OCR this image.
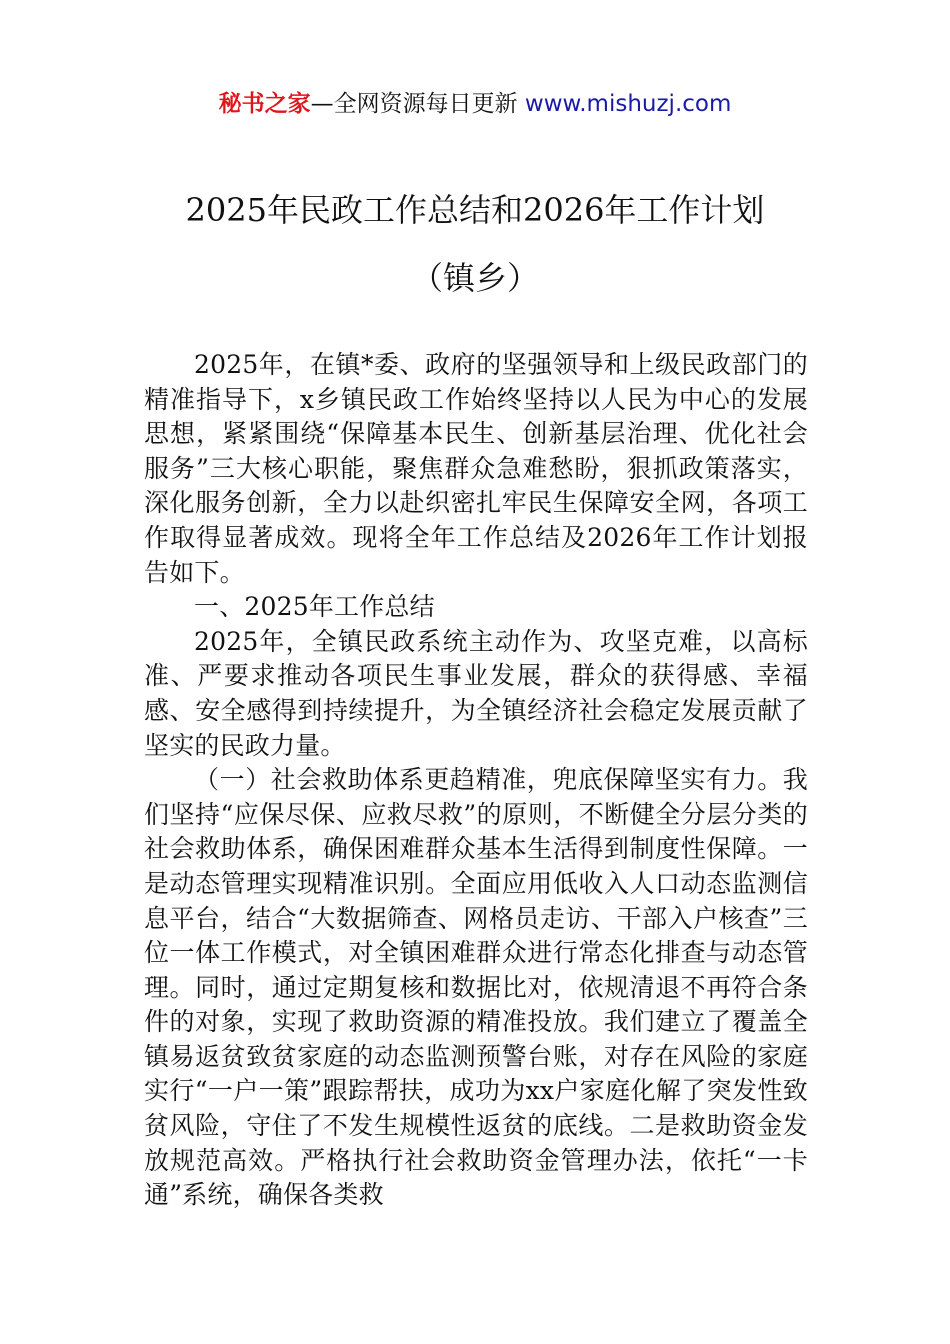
秘书之家—全网资源每日更新 www.mishuzj.com
2025年民政工作总结和2026年工作计划
（镇乡）

2025年，在镇*委、政府的坚强领导和上级民政部门的精准指导下，x乡镇民政工作始终坚持以人民为中心的发展思想，紧紧围绕“保障基本民生、创新基层治理、优化社会服务”三大核心职能，聚焦群众急难愁盼，狠抓政策落实，深化服务创新，全力以赴织密扎牢民生保障安全网，各项工作取得显著成效。现将全年工作总结及2026年工作计划报告如下。

一、2025年工作总结

2025年，全镇民政系统主动作为、攻坚克难，以高标准、严要求推动各项民生事业发展，群众的获得感、幸福感、安全感得到持续提升，为全镇经济社会稳定发展贡献了坚实的民政力量。

（一）社会救助体系更趋精准，兜底保障坚实有力。我们坚持“应保尽保、应救尽救”的原则，不断健全分层分类的社会救助体系，确保困难群众基本生活得到制度性保障。一是动态管理实现精准识别。全面应用低收入人口动态监测信息平台，结合“大数据筛查、网格员走访、干部入户核查”三位一体工作模式，对全镇困难群众进行常态化排查与动态管理。同时，通过定期复核和数据比对，依规清退不再符合条件的对象，实现了救助资源的精准投放。我们建立了覆盖全镇易返贫致贫家庭的动态监测预警台账，对存在风险的家庭实行“一户一策”跟踪帮扶，成功为xx户家庭化解了突发性致贫风险，守住了不发生规模性返贫的底线。二是救助资金发放规范高效。严格执行社会救助资金管理办法，依托“一卡通”系统，确保各类救
